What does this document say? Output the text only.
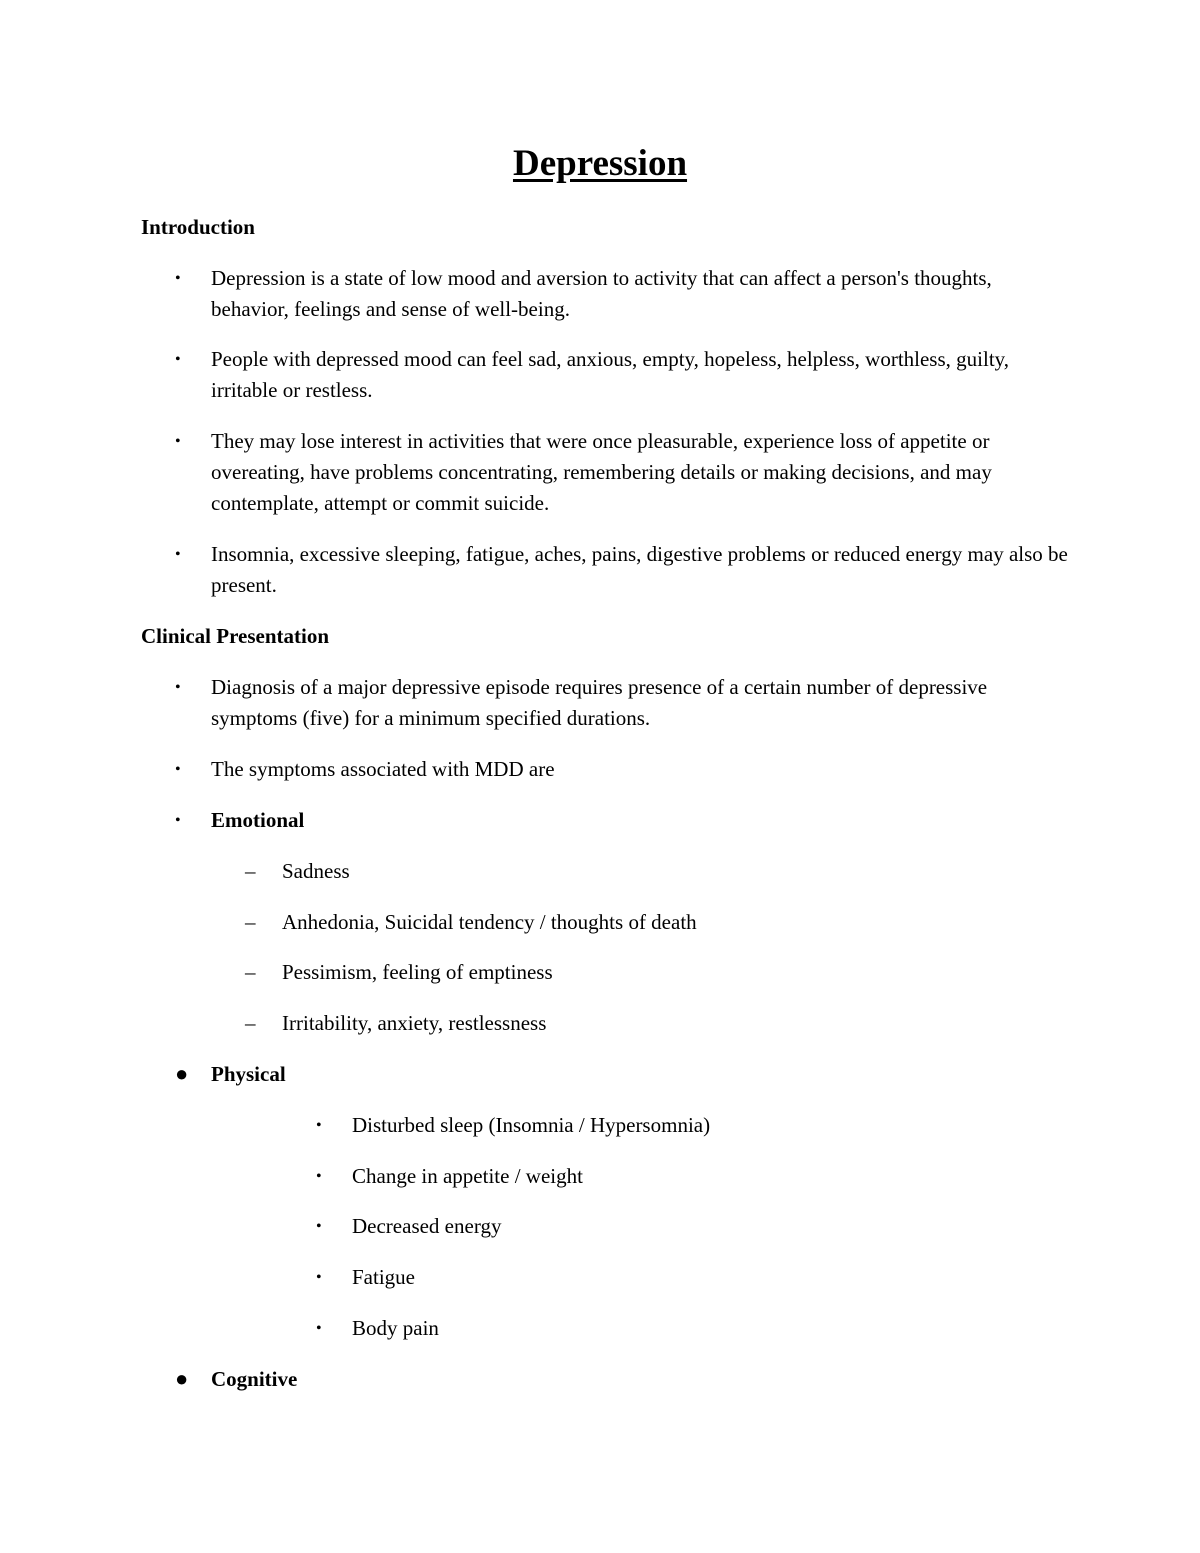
Depression
Introduction
• Depression is a state of low mood and aversion to activity that can affect a person's thoughts, behavior, feelings and sense of well-being.
• People with depressed mood can feel sad, anxious, empty, hopeless, helpless, worthless, guilty, irritable or restless.
• They may lose interest in activities that were once pleasurable, experience loss of appetite or overeating, have problems concentrating, remembering details or making decisions, and may contemplate, attempt or commit suicide.
• Insomnia, excessive sleeping, fatigue, aches, pains, digestive problems or reduced energy may also be present.
Clinical Presentation
• Diagnosis of a major depressive episode requires presence of a certain number of depressive symptoms (five) for a minimum specified durations.
• The symptoms associated with MDD are
• Emotional
– Sadness
– Anhedonia, Suicidal tendency / thoughts of death
– Pessimism, feeling of emptiness
– Irritability, anxiety, restlessness
● Physical
• Disturbed sleep (Insomnia / Hypersomnia)
• Change in appetite / weight
• Decreased energy
• Fatigue
• Body pain
● Cognitive
